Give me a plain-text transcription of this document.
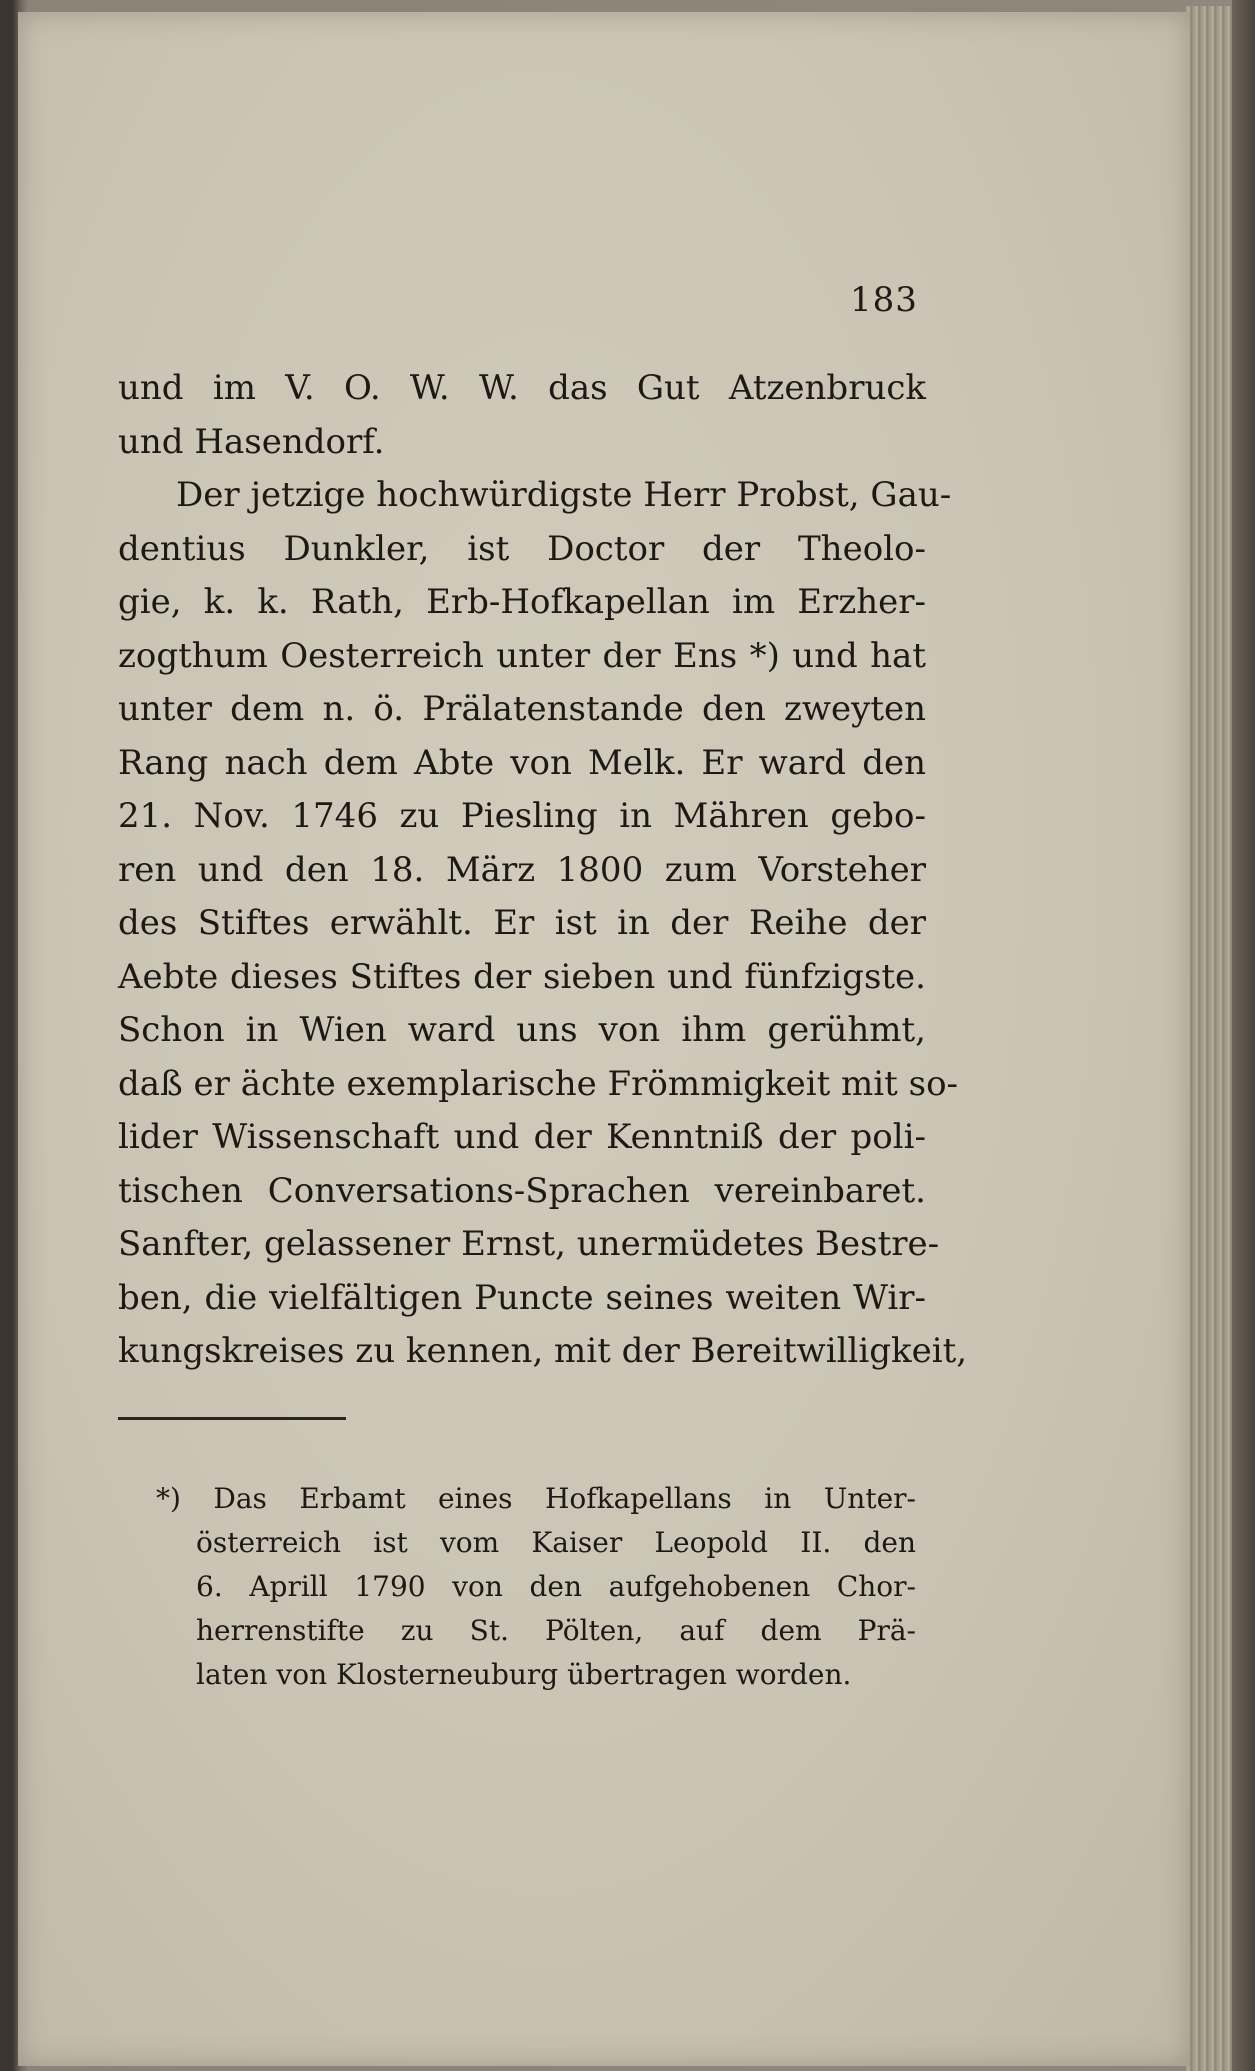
183
und im V. O. W. W. das Gut Atzenbruck
und Hasendorf.
Der jetzige hochwürdigste Herr Probst, Gau-
dentius Dunkler, ist Doctor der Theolo-
gie, k. k. Rath, Erb-Hofkapellan im Erzher-
zogthum Oesterreich unter der Ens *) und hat
unter dem n. ö. Prälatenstande den zweyten
Rang nach dem Abte von Melk. Er ward den
21. Nov. 1746 zu Piesling in Mähren gebo-
ren und den 18. März 1800 zum Vorsteher
des Stiftes erwählt. Er ist in der Reihe der
Aebte dieses Stiftes der sieben und fünfzigste.
Schon in Wien ward uns von ihm gerühmt,
daß er ächte exemplarische Frömmigkeit mit so-
lider Wissenschaft und der Kenntniß der poli-
tischen Conversations-Sprachen vereinbaret.
Sanfter, gelassener Ernst, unermüdetes Bestre-
ben, die vielfältigen Puncte seines weiten Wir-
kungskreises zu kennen, mit der Bereitwilligkeit,
*) Das Erbamt eines Hofkapellans in Unter-
österreich ist vom Kaiser Leopold II. den
6. Aprill 1790 von den aufgehobenen Chor-
herrenstifte zu St. Pölten, auf dem Prä-
laten von Klosterneuburg übertragen worden.
